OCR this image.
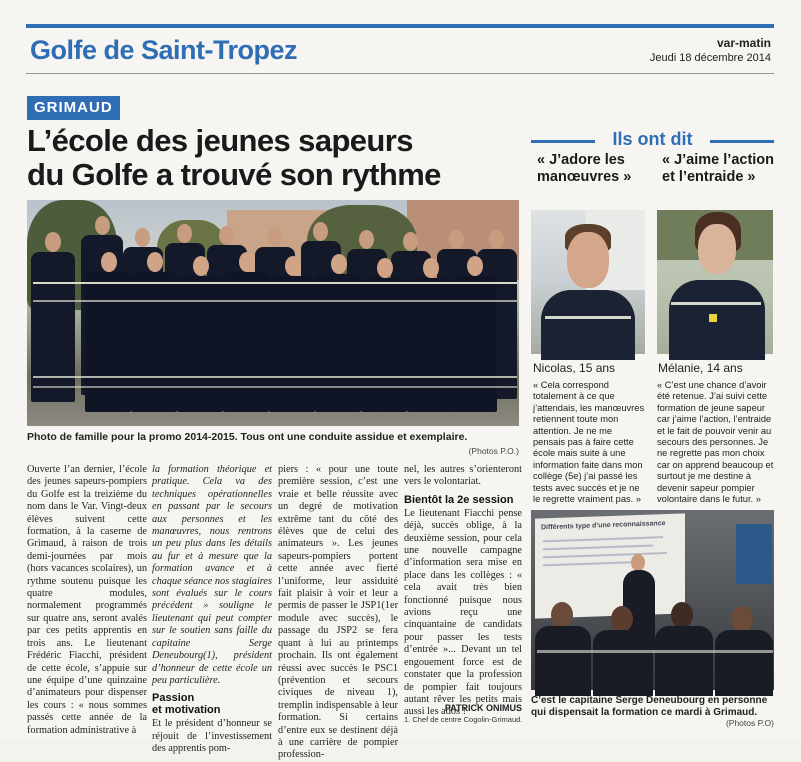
Golfe de Saint-Tropez	var-matin
Jeudi 18 décembre 2014
GRIMAUD
L’école des jeunes sapeurs
du Golfe a trouvé son rythme
Photo de famille pour la promo 2014-2015. Tous ont une conduite assidue et exemplaire.
(Photos P.O.)

Ouverte l’an dernier, l’école des jeunes sapeurs-pompiers du Golfe est la treizième du nom dans le Var. Vingt-deux élèves suivent cette formation, à la caserne de Grimaud, à raison de trois demi-journées par mois (hors vacances scolaires), un rythme soutenu puisque les quatre modules, normalement programmés sur quatre ans, seront avalés par ces petits apprentis en trois ans. Le lieutenant Frédéric Fiacchi, président de cette école, s’appuie sur une équipe d’une quinzaine d’animateurs pour dispenser les cours : « nous sommes passés cette année de la formation administrative à

la formation théorique et pratique. Cela va des techniques opérationnelles en passant par le secours aux personnes et les manœuvres, nous rentrons un peu plus dans les détails au fur et à mesure que la formation avance et à chaque séance nos stagiaires sont évalués sur le cours précédent » souligne le lieutenant qui peut compter sur le soutien sans faille du capitaine Serge Deneubourg(1), président d’honneur de cette école un peu particulière.

Passion
et motivation

Et le président d’honneur se réjouit de l’investissement des apprentis pom-

piers : « pour une toute première session, c’est une vraie et belle réussite avec un degré de motivation extrême tant du côté des élèves que de celui des animateurs ». Les jeunes sapeurs-pompiers portent cette année avec fierté l’uniforme, leur assiduité fait plaisir à voir et leur a permis de passer le JSP1(1er module avec succès), le passage du JSP2 se fera quant à lui au printemps prochain. Ils ont également réussi avec succès le PSC1 (prévention et secours civiques de niveau 1), tremplin indispensable à leur formation. Si certains d’entre eux se destinent déjà à une carrière de pompier profession-

nel, les autres s’orienteront vers le volontariat.

Bientôt la 2e session

Le lieutenant Fiacchi pense déjà, succès oblige, à la deuxième session, pour cela une nouvelle campagne d’information sera mise en place dans les collèges : « cela avait très bien fonctionné puisque nous avions reçu une cinquantaine de candidats pour passer les tests d’entrée »... Devant un tel engouement force est de constater que la profession de pompier fait toujours autant rêver les petits mais aussi les ados !

PATRICK ONIMUS
1. Chef de centre Cogolin-Grimaud.
Ils ont dit
« J’adore les manœuvres »
« J’aime l’action et l’entraide »
Nicolas, 15 ans	Mélanie, 14 ans
« Cela correspond totalement à ce que j’attendais, les manœuvres retiennent toute mon attention. Je ne me pensais pas à faire cette école mais suite à une information faite dans mon collège (5e) j’ai passé les tests avec succès et je ne le regrette vraiment pas. »
« C’est une chance d’avoir été retenue. J’ai suivi cette formation de jeune sapeur car j’aime l’action, l’entraide et le fait de pouvoir venir au secours des personnes. Je ne regrette pas mon choix car on apprend beaucoup et surtout je me destine à devenir sapeur pompier volontaire dans le futur. »
Différents type d’une reconnaissance
C’est le capitaine Serge Deneubourg en personne qui dispensait la formation ce mardi à Grimaud.
(Photos P.O)
